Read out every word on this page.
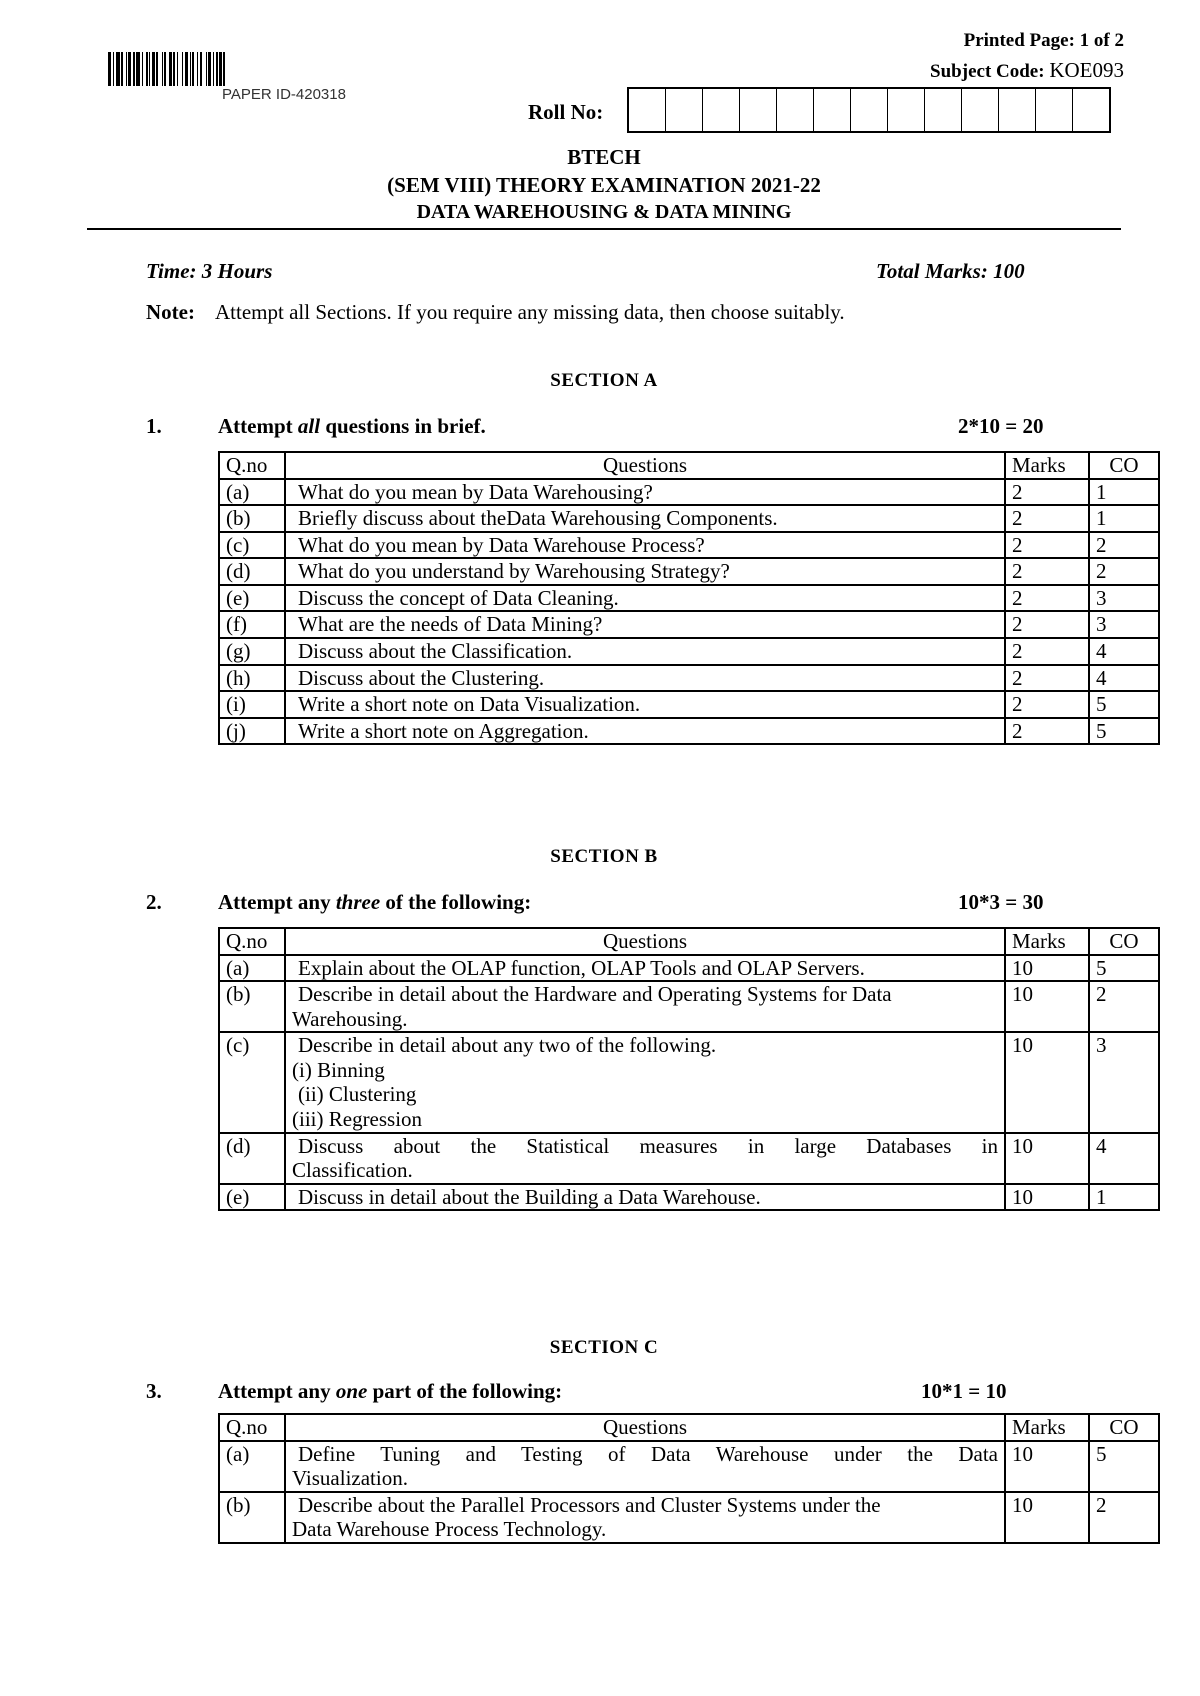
PAPER ID-420318
Printed Page: 1 of 2
Subject Code: KOE093
Roll No:
BTECH
(SEM VIII) THEORY EXAMINATION 2021-22
DATA WAREHOUSING & DATA MINING
Time: 3 Hours	Total Marks: 100
Note: Attempt all Sections. If you require any missing data, then choose suitably.
SECTION A
1.	Attempt all questions in brief.	2*10 = 20
Q.no	Questions	Marks	CO
(a)	What do you mean by Data Warehousing?	2	1
(b)	Briefly discuss about theData Warehousing Components.	2	1
(c)	What do you mean by Data Warehouse Process?	2	2
(d)	What do you understand by Warehousing Strategy?	2	2
(e)	Discuss the concept of Data Cleaning.	2	3
(f)	What are the needs of Data Mining?	2	3
(g)	Discuss about the Classification.	2	4
(h)	Discuss about the Clustering.	2	4
(i)	Write a short note on Data Visualization.	2	5
(j)	Write a short note on Aggregation.	2	5
SECTION B
2.	Attempt any three of the following:	10*3 = 30
Q.no	Questions	Marks	CO
(a)	Explain about the OLAP function, OLAP Tools and OLAP Servers.	10	5
(b)	Describe in detail about the Hardware and Operating Systems for Data
Warehousing.	10	2
(c)	Describe in detail about any two of the following.
(i) Binning
(ii) Clustering
(iii) Regression	10	3
(d)	Discuss about the Statistical measures in large Databases in
Classification.	10	4
(e)	Discuss in detail about the Building a Data Warehouse.	10	1
SECTION C
3.	Attempt any one part of the following:	10*1 = 10
Q.no	Questions	Marks	CO
(a)	Define Tuning and Testing of Data Warehouse under the Data
Visualization.	10	5
(b)	Describe about the Parallel Processors and Cluster Systems under the
Data Warehouse Process Technology.	10	2
